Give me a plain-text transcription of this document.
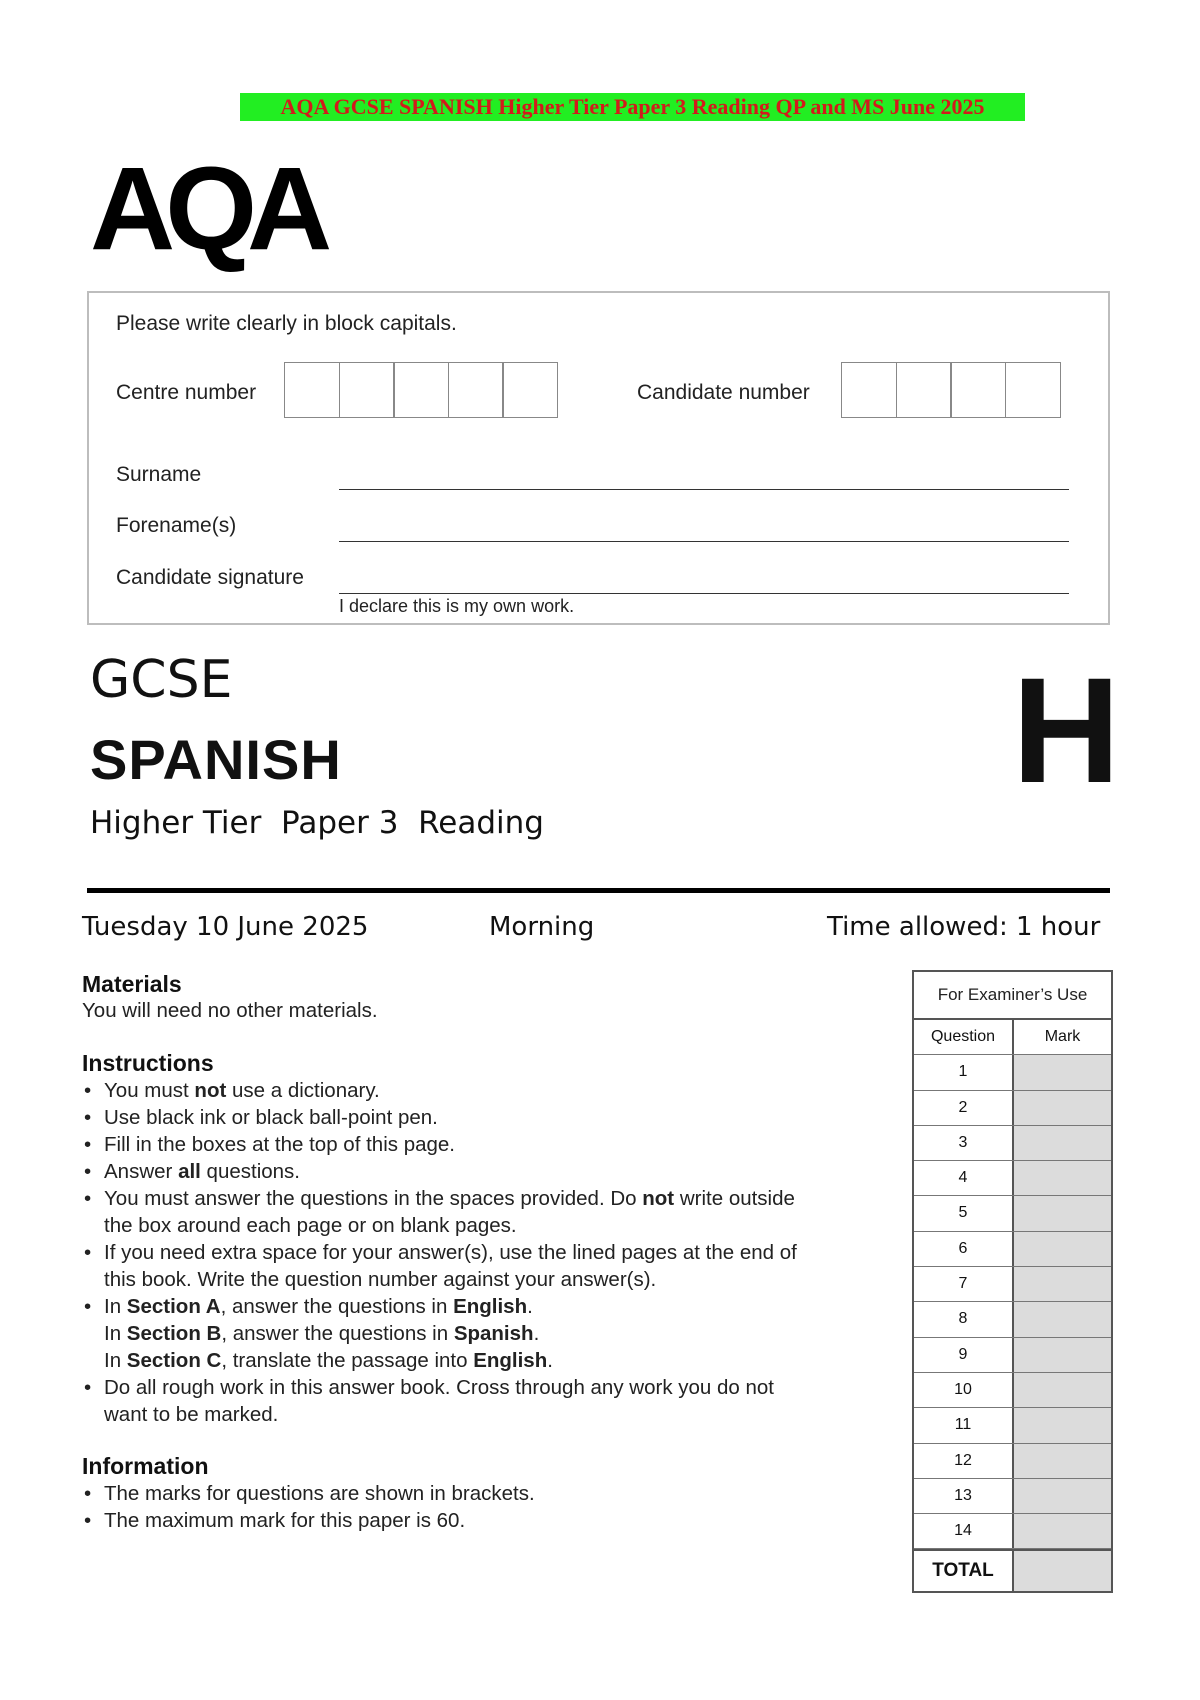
AQA GCSE SPANISH Higher Tier Paper 3 Reading QP and MS June 2025
AQA
Please write clearly in block capitals.
Centre number	Candidate number
Surname
Forename(s)
Candidate signature
I declare this is my own work.
GCSE
SPANISH
Higher Tier  Paper 3  Reading
H
Tuesday 10 June 2025	Morning	Time allowed: 1 hour
Materials
You will need no other materials.
Instructions
• You must not use a dictionary.
• Use black ink or black ball-point pen.
• Fill in the boxes at the top of this page.
• Answer all questions.
• You must answer the questions in the spaces provided. Do not write outside
the box around each page or on blank pages.
• If you need extra space for your answer(s), use the lined pages at the end of
this book. Write the question number against your answer(s).
• In Section A, answer the questions in English.
In Section B, answer the questions in Spanish.
In Section C, translate the passage into English.
• Do all rough work in this answer book. Cross through any work you do not
want to be marked.
Information
• The marks for questions are shown in brackets.
• The maximum mark for this paper is 60.
For Examiner’s Use
Question	Mark
1
2
3
4
5
6
7
8
9
10
11
12
13
14
TOTAL
